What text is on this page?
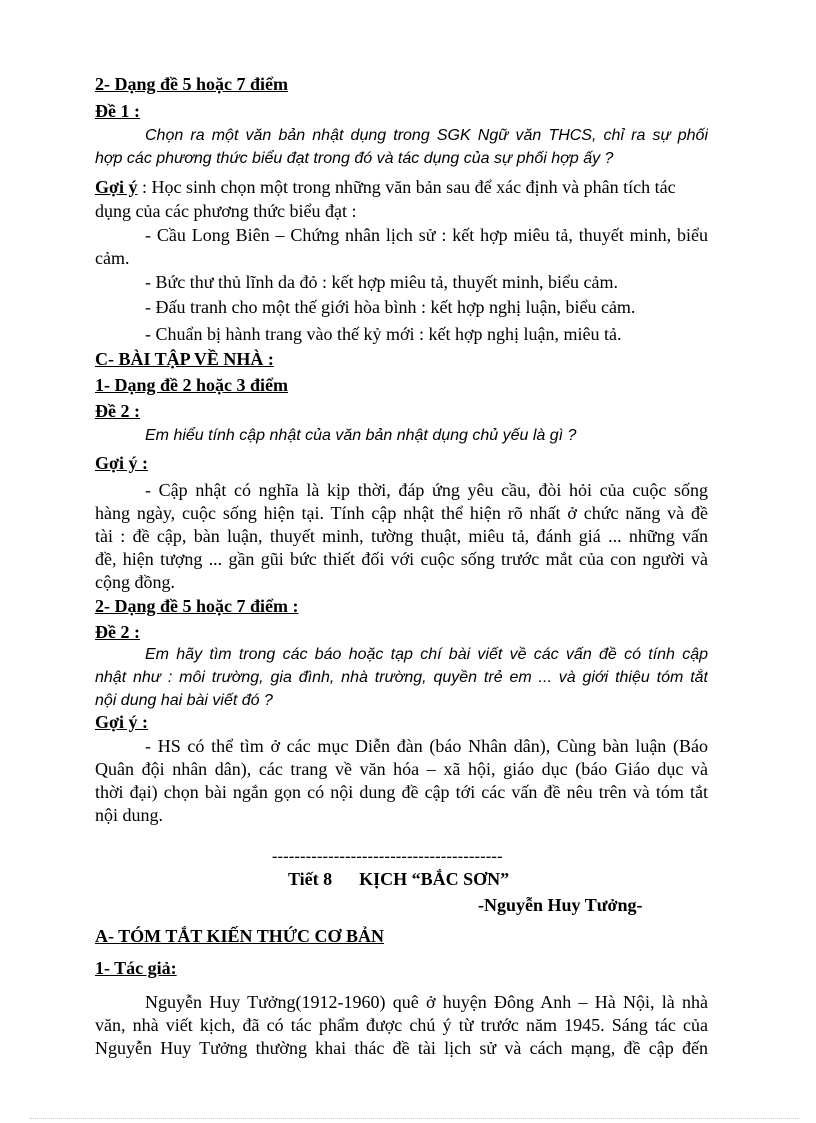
2- Dạng đề 5 hoặc 7 điểm
Đề 1 :
Chọn ra một văn bản nhật dụng trong SGK Ngữ văn THCS, chỉ ra sự phối
hợp các phương thức biểu đạt trong đó và tác dụng của sự phối hợp ấy ?
Gợi ý : Học sinh chọn một trong những văn bản sau để xác định và phân tích tác
dụng của các phương thức biểu đạt :
- Cầu Long Biên – Chứng nhân lịch sử : kết hợp miêu tả, thuyết minh, biểu
cảm.
- Bức thư thủ lĩnh da đỏ : kết hợp miêu tả, thuyết minh, biểu cảm.
- Đấu tranh cho một thế giới hòa bình : kết hợp nghị luận, biểu cảm.
- Chuẩn bị hành trang vào thế kỷ mới : kết hợp nghị luận, miêu tả.
C- BÀI TẬP VỀ NHÀ :
1- Dạng đề 2 hoặc 3 điểm
Đề 2 :
Em hiểu tính cập nhật của văn bản nhật dụng chủ yếu là gì ?
Gợi ý :
- Cập nhật có nghĩa là kịp thời, đáp ứng yêu cầu, đòi hỏi của cuộc sống
hàng ngày, cuộc sống hiện tại. Tính cập nhật thể hiện rõ nhất ở chức năng và đề
tài : đề cập, bàn luận, thuyết minh, tường thuật, miêu tả, đánh giá ... những vấn
đề, hiện tượng ... gần gũi bức thiết đối với cuộc sống trước mắt của con người và
cộng đồng.
2- Dạng đề 5 hoặc 7 điểm :
Đề 2 :
Em hãy tìm trong các báo hoặc tạp chí bài viết về các vấn đề có tính cập
nhật như : môi trường, gia đình, nhà trường, quyền trẻ em ... và giới thiệu tóm tắt
nội dung hai bài viết đó ?
Gợi ý :
- HS có thể tìm ở các mục Diễn đàn (báo Nhân dân), Cùng bàn luận (Báo
Quân đội nhân dân), các trang về văn hóa – xã hội, giáo dục (báo Giáo dục và
thời đại) chọn bài ngắn gọn có nội dung đề cập tới các vấn đề nêu trên và tóm tắt
nội dung.
-----------------------------------------
Tiết 8      KỊCH “BẮC SƠN”
-Nguyễn Huy Tưởng-
A- TÓM TẮT KIẾN THỨC CƠ BẢN
1- Tác giả:
Nguyễn Huy Tưởng(1912-1960) quê ở huyện Đông Anh – Hà Nội, là nhà
văn, nhà viết kịch, đã có tác phẩm được chú ý từ trước năm 1945. Sáng tác của
Nguyễn Huy Tưởng thường khai thác đề tài lịch sử và cách mạng, đề cập đến
